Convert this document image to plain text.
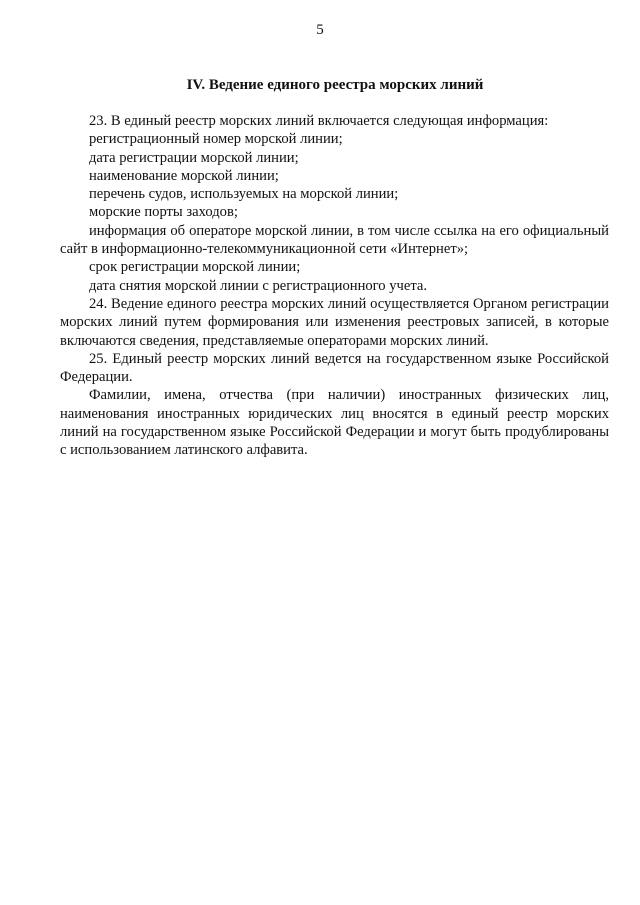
5
IV. Ведение единого реестра морских линий

23. В единый реестр морских линий включается следующая информация:

регистрационный номер морской линии;

дата регистрации морской линии;

наименование морской линии;

перечень судов, используемых на морской линии;

морские порты заходов;

информация об операторе морской линии, в том числе ссылка на его официальный сайт в информационно-телекоммуникационной сети «Интернет»;

срок регистрации морской линии;

дата снятия морской линии с регистрационного учета.

24. Ведение единого реестра морских линий осуществляется Органом регистрации морских линий путем формирования или изменения реестровых записей, в которые включаются сведения, представляемые операторами морских линий.

25. Единый реестр морских линий ведется на государственном языке Российской Федерации.

Фамилии, имена, отчества (при наличии) иностранных физических лиц, наименования иностранных юридических лиц вносятся в единый реестр морских линий на государственном языке Российской Федерации и могут быть продублированы с использованием латинского алфавита.
